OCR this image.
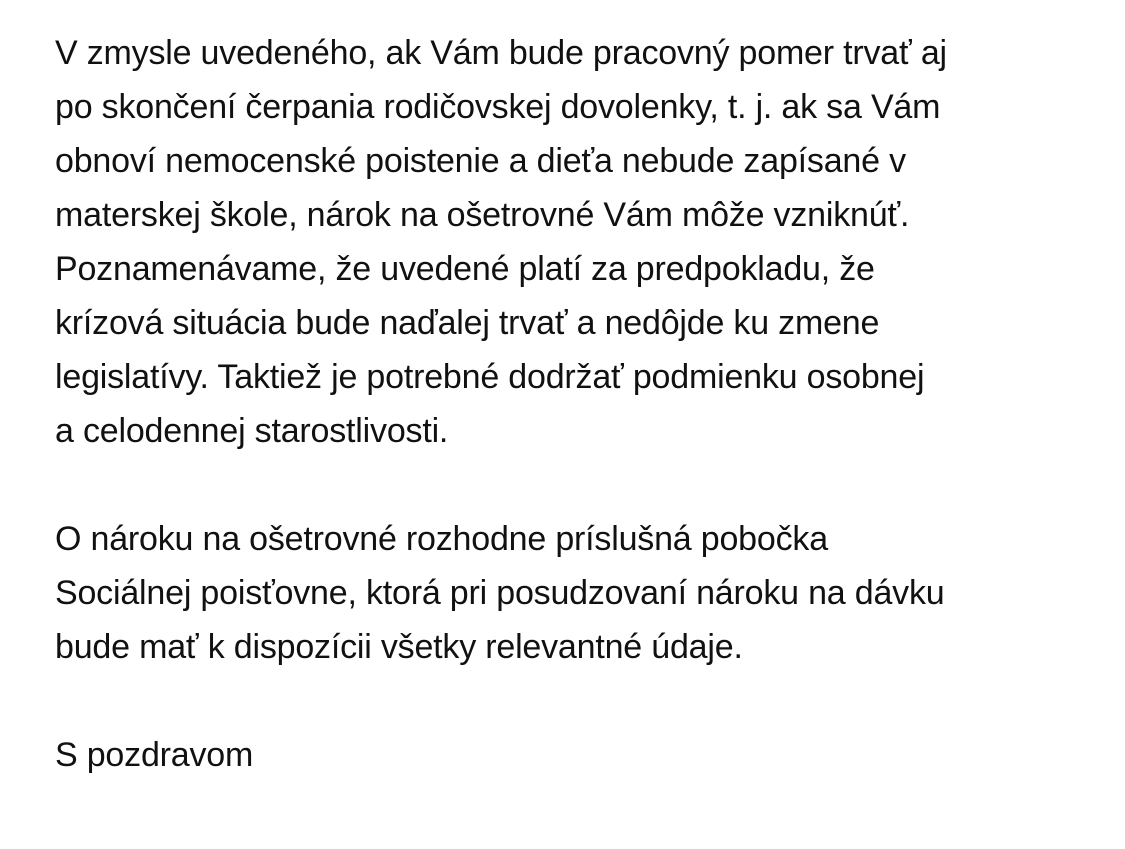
V zmysle uvedeného, ak Vám bude pracovný pomer trvať aj
po skončení čerpania rodičovskej dovolenky, t. j. ak sa Vám
obnoví nemocenské poistenie a dieťa nebude zapísané v
materskej škole, nárok na ošetrovné Vám môže vzniknúť.
Poznamenávame, že uvedené platí za predpokladu, že
krízová situácia bude naďalej trvať a nedôjde ku zmene
legislatívy. Taktiež je potrebné dodržať podmienku osobnej
a celodennej starostlivosti.
O nároku na ošetrovné rozhodne príslušná pobočka
Sociálnej poisťovne, ktorá pri posudzovaní nároku na dávku
bude mať k dispozícii všetky relevantné údaje.
S pozdravom
